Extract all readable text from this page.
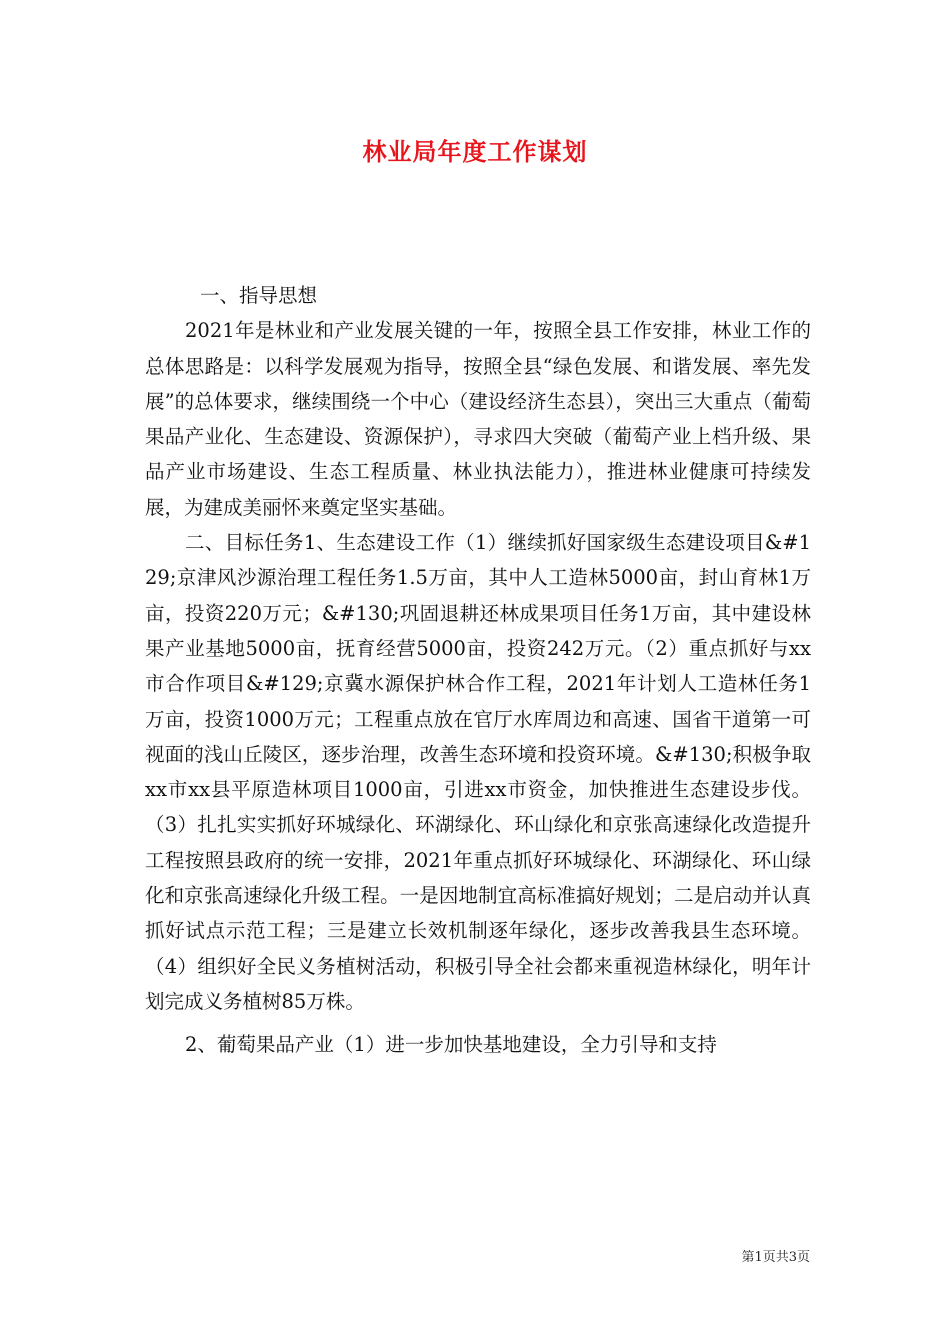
林业局年度工作谋划

一、指导思想

2021年是林业和产业发展关键的一年，按照全县工作安排，林业工作的总体思路是：以科学发展观为指导，按照全县“绿色发展、和谐发展、率先发展”的总体要求，继续围绕一个中心（建设经济生态县），突出三大重点（葡萄果品产业化、生态建设、资源保护），寻求四大突破（葡萄产业上档升级、果品产业市场建设、生态工程质量、林业执法能力），推进林业健康可持续发展，为建成美丽怀来奠定坚实基础。

二、目标任务1、生态建设工作（1）继续抓好国家级生态建设项目&#129;京津风沙源治理工程任务1.5万亩，其中人工造林5000亩，封山育林1万亩，投资220万元；&#130;巩固退耕还林成果项目任务1万亩，其中建设林果产业基地5000亩，抚育经营5000亩，投资242万元。（2）重点抓好与xx市合作项目&#129;京冀水源保护林合作工程，2021年计划人工造林任务1万亩，投资1000万元；工程重点放在官厅水库周边和高速、国省干道第一可视面的浅山丘陵区，逐步治理，改善生态环境和投资环境。&#130;积极争取xx市xx县平原造林项目1000亩，引进xx市资金，加快推进生态建设步伐。（3）扎扎实实抓好环城绿化、环湖绿化、环山绿化和京张高速绿化改造提升工程按照县政府的统一安排，2021年重点抓好环城绿化、环湖绿化、环山绿化和京张高速绿化升级工程。一是因地制宜高标准搞好规划；二是启动并认真抓好试点示范工程；三是建立长效机制逐年绿化，逐步改善我县生态环境。（4）组织好全民义务植树活动，积极引导全社会都来重视造林绿化，明年计划完成义务植树85万株。

2、葡萄果品产业（1）进一步加快基地建设，全力引导和支持

第1页共3页
